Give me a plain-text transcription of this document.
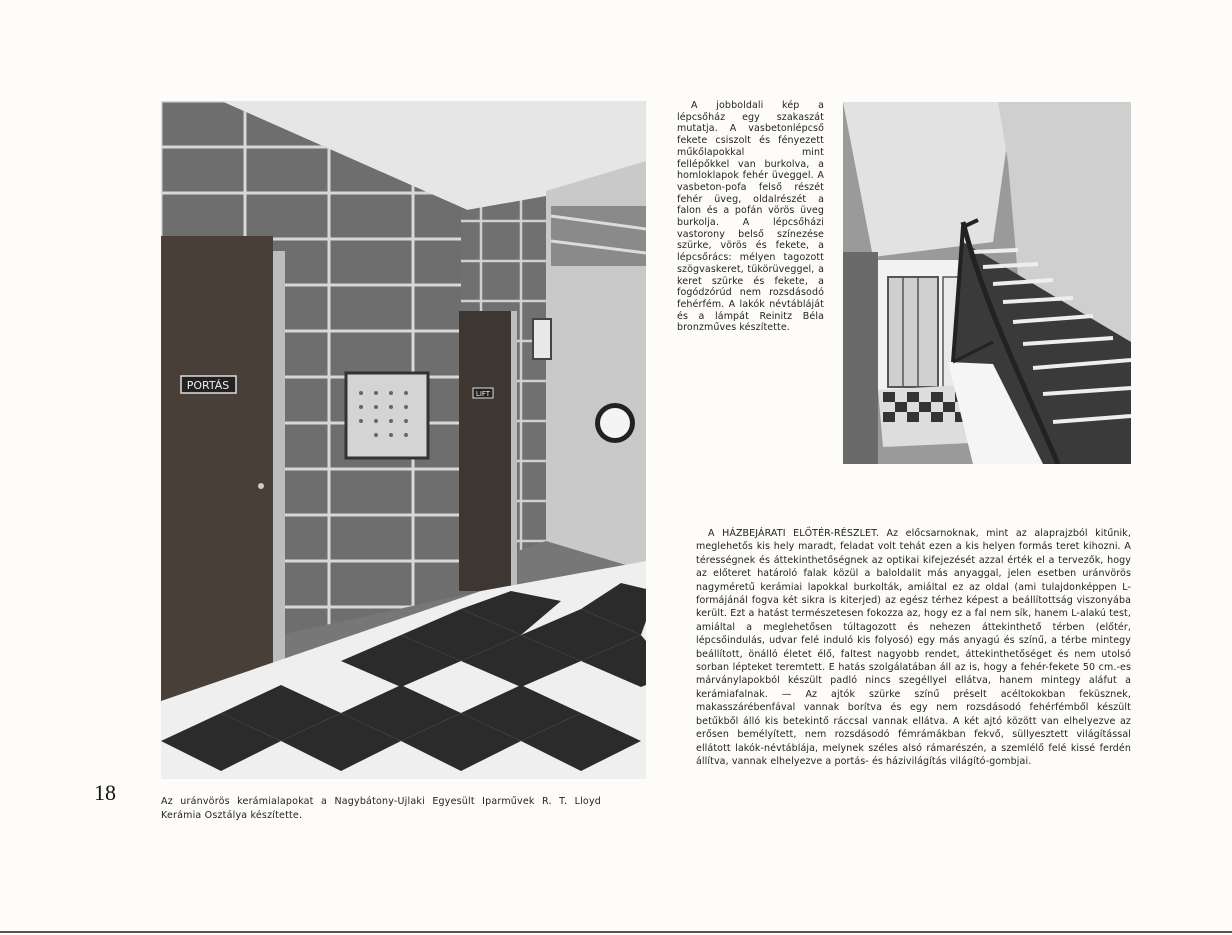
PORTÁS
LIFT
A jobboldali kép a lépcsőház egy szakaszát mutatja. A vasbetonlépcső fekete csiszolt és fényezett műkőlapokkal mint fellépőkkel van burkolva, a homloklapok fehér üveggel. A vasbeton-pofa felső részét fehér üveg, oldalrészét a falon és a pofán vörös üveg burkolja. A lépcsőházi vastorony belső színezése szürke, vörös és fekete, a lépcsőrács: mélyen tagozott szögvaskeret, tükörüveggel, a keret szürke és fekete, a fogódzórúd nem rozsdásodó fehérfém. A lakók névtábláját és a lámpát Reinitz Béla bronzműves készítette.
A HÁZBEJÁRATI ELŐTÉR-RÉSZLET. Az előcsarnoknak, mint az alaprajzból kitűnik, meglehetős kis hely maradt, feladat volt tehát ezen a kis helyen formás teret kihozni. A térességnek és áttekinthetőségnek az optikai kifejezését azzal érték el a tervezők, hogy az előteret határoló falak közül a baloldalit más anyaggal, jelen esetben uránvörös nagyméretű kerámiai lapokkal burkolták, amiáltal ez az oldal (ami tulajdonképpen L-formájánál fogva két sikra is kiterjed) az egész térhez képest a beállítottság viszonyába került. Ezt a hatást természetesen fokozza az, hogy ez a fal nem sík, hanem L-alakú test, amiáltal a meglehetősen túltagozott és nehezen áttekinthető térben (előtér, lépcsőindulás, udvar felé induló kis folyosó) egy más anyagú és színű, a térbe mintegy beállított, önálló életet élő, faltest nagyobb rendet, áttekinthetőséget és nem utolsó sorban lépteket teremtett. E hatás szolgálatában áll az is, hogy a fehér-fekete 50 cm.-es márványlapokból készült padló nincs szegéllyel ellátva, hanem mintegy aláfut a kerámiafalnak. — Az ajtók szürke színű préselt acéltokokban feküsznek, makasszárébenfával vannak borítva és egy nem rozsdásodó fehérfémből készült betűkből álló kis betekintő ráccsal vannak ellátva. A két ajtó között van elhelyezve az erősen bemélyített, nem rozsdásodó fémrámákban fekvő, süllyesztett világítással ellátott lakók-névtáblája, melynek széles alsó rámarészén, a szemlélő felé kissé ferdén állítva, vannak elhelyezve a portás- és házivilágítás világító-gombjai.
18	Az uránvörös kerámialapokat a Nagybátony-Ujlaki Egyesült Iparművek R. T. Lloyd Kerámia Osztálya készítette.
